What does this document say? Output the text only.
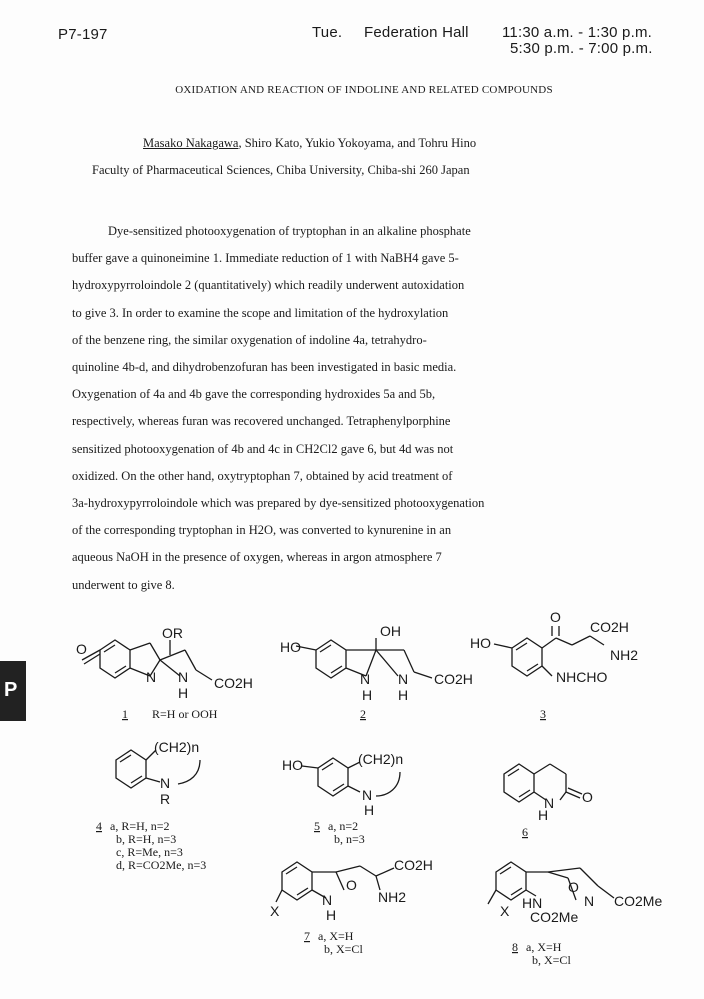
P7-197	Tue. Federation Hall 11:30 a.m. - 1:30 p.m.
5:30 p.m. - 7:00 p.m.
OXIDATION AND REACTION OF INDOLINE AND RELATED COMPOUNDS
Masako Nakagawa, Shiro Kato, Yukio Yokoyama, and Tohru Hino
Faculty of Pharmaceutical Sciences, Chiba University, Chiba-shi 260 Japan
Dye-sensitized photooxygenation of tryptophan in an alkaline phosphate
buffer gave a quinoneimine 1. Immediate reduction of 1 with NaBH4 gave 5-
hydroxypyrroloindole 2 (quantitatively) which readily underwent autoxidation
to give 3. In order to examine the scope and limitation of the hydroxylation
of the benzene ring, the similar oxygenation of indoline 4a, tetrahydro-
quinoline 4b-d, and dihydrobenzofuran has been investigated in basic media.
Oxygenation of 4a and 4b gave the corresponding hydroxides 5a and 5b,
respectively, whereas furan was recovered unchanged. Tetraphenylporphine
sensitized photooxygenation of 4b and 4c in CH2Cl2 gave 6, but 4d was not
oxidized. On the other hand, oxytryptophan 7, obtained by acid treatment of
3a-hydroxypyrroloindole which was prepared by dye-sensitized photooxygenation
of the corresponding tryptophan in H2O, was converted to kynurenine in an
aqueous NaOH in the presence of oxygen, whereas in argon atmosphere 7
underwent to give 8.
P
O
OR
N N
H
CO2H
1 R=H or OOH
HO
OH
N N
H H
CO2H
2
HO
O
CO2H
NH2
NHCHO
3
(CH2)n
N
R
4 a, R=H, n=2
b, R=H, n=3
c, R=Me, n=3
d, R=CO2Me, n=3
HO	(CH2)n
N
H
5 a, n=2
b, n=3
N
H
O
6
CO2H
O
N
H
NH2
X
7 a, X=H
b, X=Cl
O
HN	N CO2Me
CO2Me
X
8 a, X=H
b, X=Cl
